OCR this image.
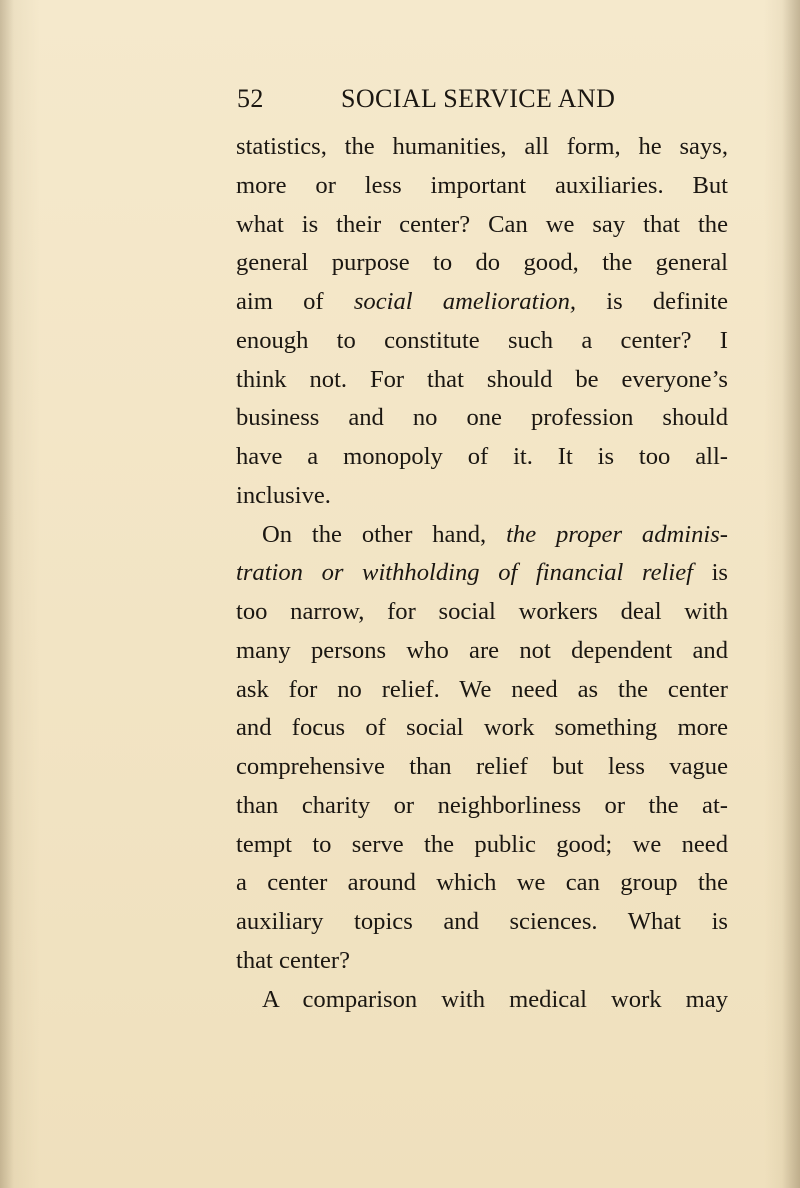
52	SOCIAL SERVICE AND
statistics, the humanities, all form, he says,
more or less important auxiliaries. But
what is their center? Can we say that the
general purpose to do good, the general
aim of social amelioration, is definite
enough to constitute such a center? I
think not. For that should be everyone’s
business and no one profession should
have a monopoly of it. It is too all-
inclusive.
On the other hand, the proper adminis-
tration or withholding of financial relief is
too narrow, for social workers deal with
many persons who are not dependent and
ask for no relief. We need as the center
and focus of social work something more
comprehensive than relief but less vague
than charity or neighborliness or the at-
tempt to serve the public good; we need
a center around which we can group the
auxiliary topics and sciences. What is
that center?
A comparison with medical work may
